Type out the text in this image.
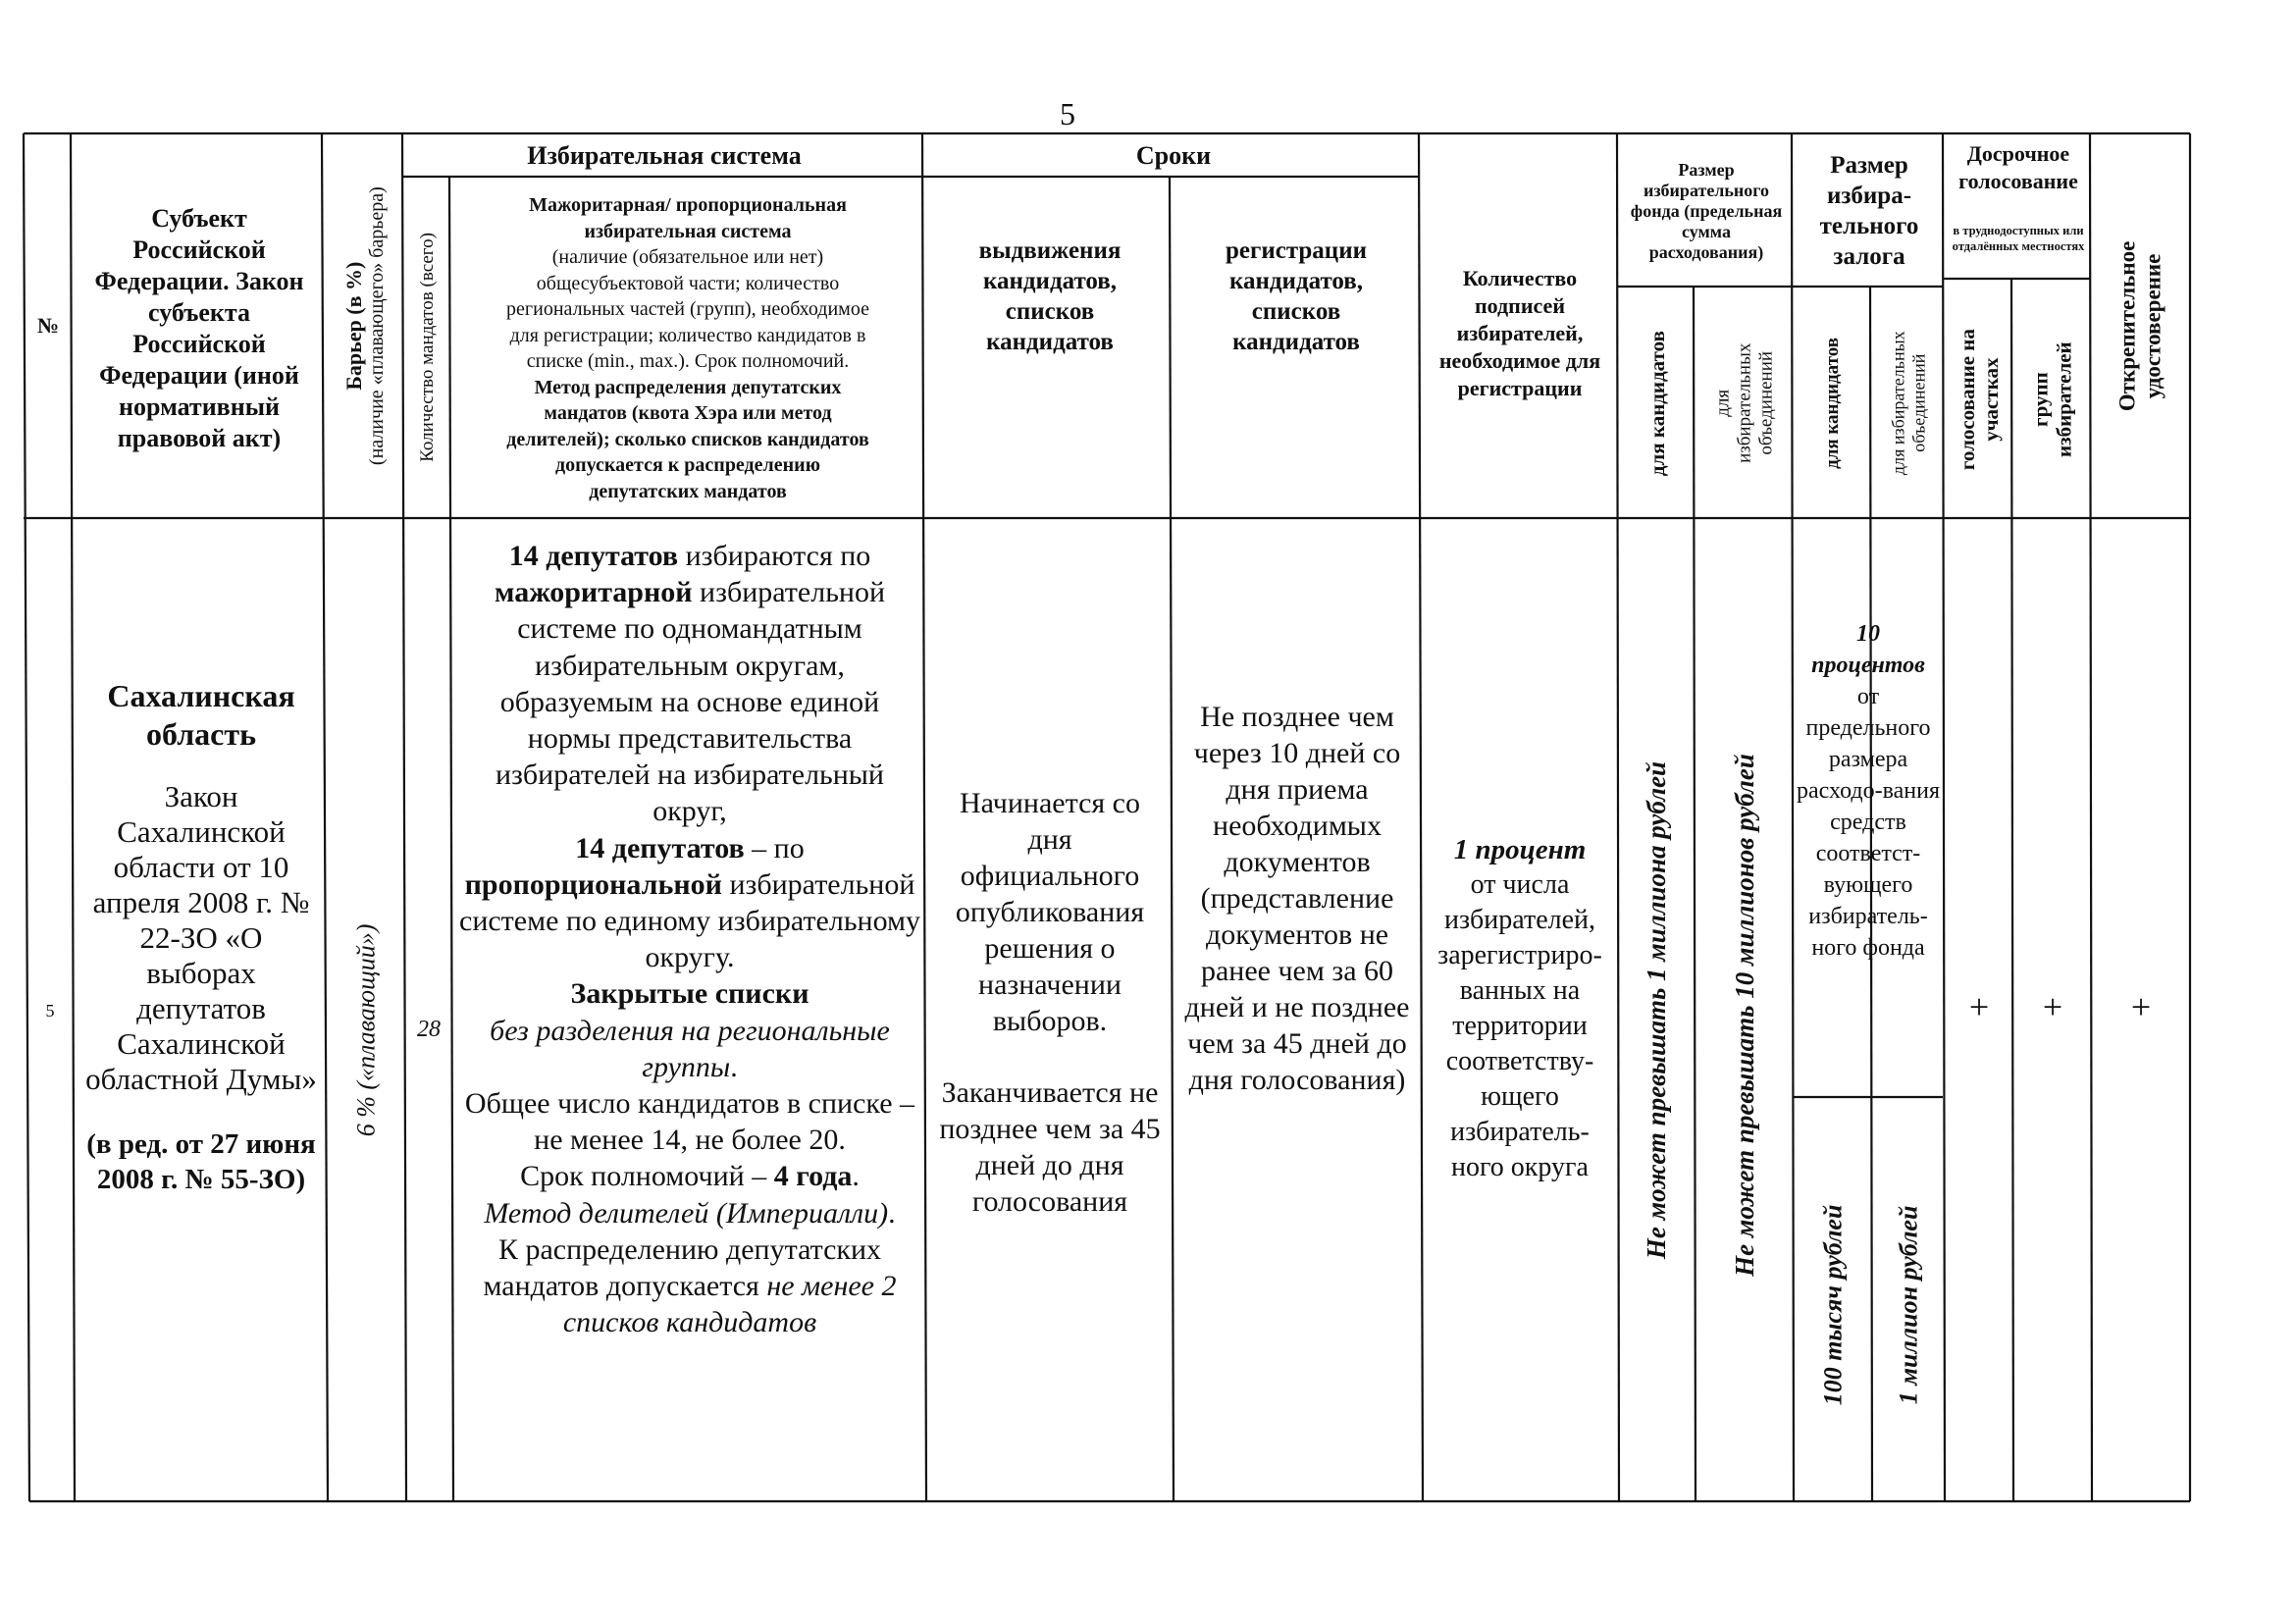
5
№
Субъект Российской Федерации. Закон субъекта Российской Федерации (иной нормативный правовой акт)
Барьер (в %) (наличие «плавающего» барьера)
Избирательная система
Количество мандатов (всего)
Мажоритарная/ пропорциональная
избирательная система
(наличие (обязательное или нет)
общесубъектовой части; количество
региональных частей (групп), необходимое
для регистрации; количество кандидатов в
списке (min., max.). Срок полномочий.
Метод распределения депутатских
мандатов (квота Хэра или метод
делителей); сколько списков кандидатов
допускается к распределению
депутатских мандатов
Сроки
выдвижения кандидатов, списков кандидатов
регистрации кандидатов, списков кандидатов
Количество подписей избирателей, необходимое для регистрации
Размер избирательного фонда (предельная сумма расходования)
для кандидатов для избирательных объединений
Размер избира-тельного залога
для кандидатов	для избирательных объединений
Досрочное голосование
в труднодоступных или отдалённых местностях
голосование на участках групп избирателей Открепительное удостоверение
5
Сахалинская область
Закон Сахалинской области от 10 апреля 2008 г. № 22-ЗО «О выборах депутатов Сахалинской областной Думы»
(в ред. от 27 июня 2008 г. № 55-ЗО)
6 % («плавающий») 28
14 депутатов избираются по
мажоритарной избирательной системе по одномандатным избирательным округам, образуемым на основе единой нормы представительства избирателей на избирательный округ,
14 депутатов – по
пропорциональной избирательной системе по единому избирательному округу.
Закрытые списки
без разделения на региональные группы.
Общее число кандидатов в списке – не менее 14, не более 20.
Срок полномочий – 4 года.
Метод делителей (Империалли).
К распределению депутатских мандатов допускается не менее 2 списков кандидатов
Начинается со дня официального опубликования решения о назначении выборов.
Заканчивается не позднее чем за 45 дней до дня голосования
Не позднее чем через 10 дней со дня приема необходимых документов (представление документов не ранее чем за 60 дней и не позднее чем за 45 дней до дня голосования)
1 процент
от числа избирателей, зарегистриро-ванных на территории соответству-ющего избиратель-ного округа	Не может превышать 1 миллиона рублей Не может превышать 10 миллионов рублей
10
процентов
от предельного размера расходо-вания средств соответст-вующего избиратель-ного фонда
100 тысяч рублей 1 миллион рублей
+ + +
